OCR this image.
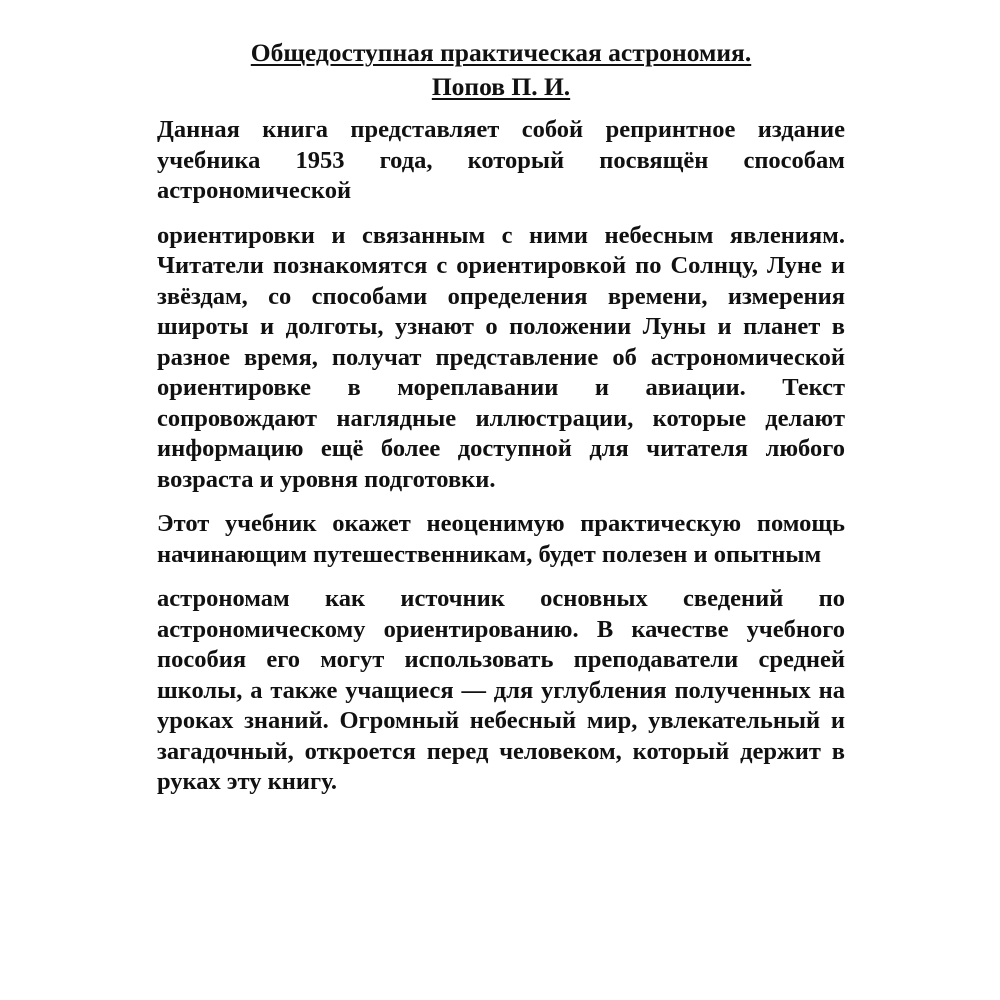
Общедоступная практическая астрономия.
Попов П. И.

Данная книга представляет собой репринтное издание учебника 1953 года, который посвящён способам астрономической

ориентировки и связанным с ними небесным явлениям. Читатели познакомятся с ориентировкой по Солнцу, Луне и звёздам, со способами определения времени, измерения широты и долготы, узнают о положении Луны и планет в разное время, получат представление об астрономической ориентировке в мореплавании и авиации. Текст сопровождают наглядные иллюстрации, которые делают информацию ещё более доступной для читателя любого возраста и уровня подготовки.

Этот учебник окажет неоценимую практическую помощь начинающим путешественникам, будет полезен и опытным

астрономам как источник основных сведений по астрономическому ориентированию. В качестве учебного пособия его могут использовать преподаватели средней школы, а также учащиеся — для углубления полученных на уроках знаний. Огромный небесный мир, увлекательный и загадочный, откроется перед человеком, который держит в руках эту книгу.
